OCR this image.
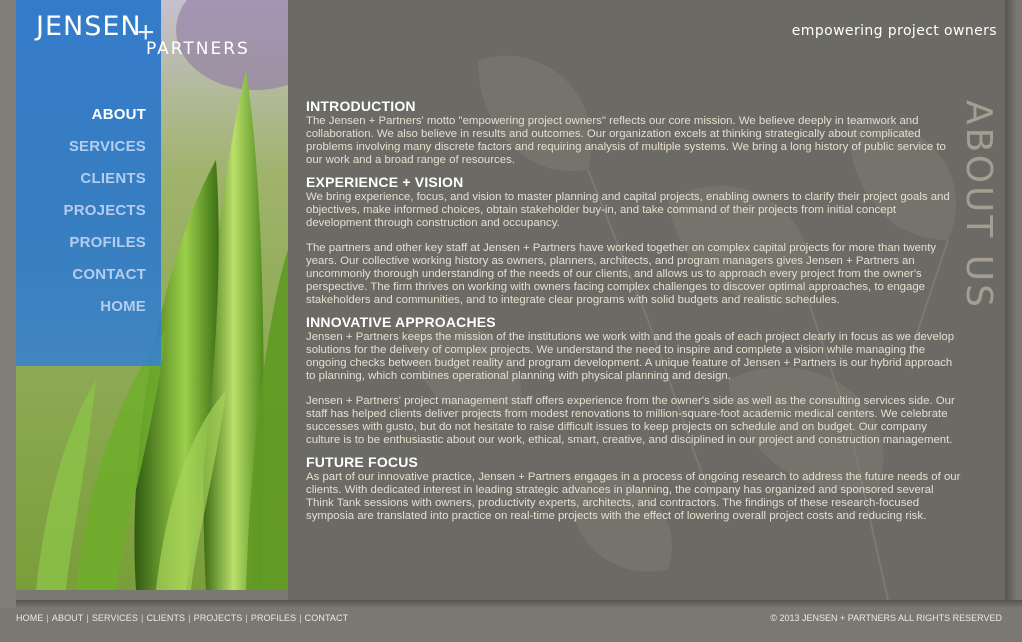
JENSEN
+
PARTNERS
ABOUT
SERVICES
CLIENTS
PROJECTS
PROFILES
CONTACT
HOME
empowering project owners
ABOUT US
INTRODUCTION

The Jensen + Partners' motto "empowering project owners" reflects our core mission. We believe deeply in teamwork and collaboration. We also believe in results and outcomes. Our organization excels at thinking strategically about complicated problems involving many discrete factors and requiring analysis of multiple systems. We bring a long history of public service to our work and a broad range of resources.

EXPERIENCE + VISION

We bring experience, focus, and vision to master planning and capital projects, enabling owners to clarify their project goals and objectives, make informed choices, obtain stakeholder buy-in, and take command of their projects from initial concept development through construction and occupancy.

The partners and other key staff at Jensen + Partners have worked together on complex capital projects for more than twenty years. Our collective working history as owners, planners, architects, and program managers gives Jensen + Partners an uncommonly thorough understanding of the needs of our clients, and allows us to approach every project from the owner's perspective. The firm thrives on working with owners facing complex challenges to discover optimal approaches, to engage stakeholders and communities, and to integrate clear programs with solid budgets and realistic schedules.

INNOVATIVE APPROACHES

Jensen + Partners keeps the mission of the institutions we work with and the goals of each project clearly in focus as we develop solutions for the delivery of complex projects. We understand the need to inspire and complete a vision while managing the ongoing checks between budget reality and program development. A unique feature of Jensen + Partners is our hybrid approach to planning, which combines operational planning with physical planning and design.

Jensen + Partners' project management staff offers experience from the owner's side as well as the consulting services side. Our staff has helped clients deliver projects from modest renovations to million-square-foot academic medical centers. We celebrate successes with gusto, but do not hesitate to raise difficult issues to keep projects on schedule and on budget. Our company culture is to be enthusiastic about our work, ethical, smart, creative, and disciplined in our project and construction management.

FUTURE FOCUS

As part of our innovative practice, Jensen + Partners engages in a process of ongoing research to address the future needs of our clients. With dedicated interest in leading strategic advances in planning, the company has organized and sponsored several Think Tank sessions with owners, productivity experts, architects, and contractors. The findings of these research-focused symposia are translated into practice on real-time projects with the effect of lowering overall project costs and reducing risk.

HOME | ABOUT | SERVICES | CLIENTS | PROJECTS | PROFILES | CONTACT	© 2013 JENSEN + PARTNERS ALL RIGHTS RESERVED
